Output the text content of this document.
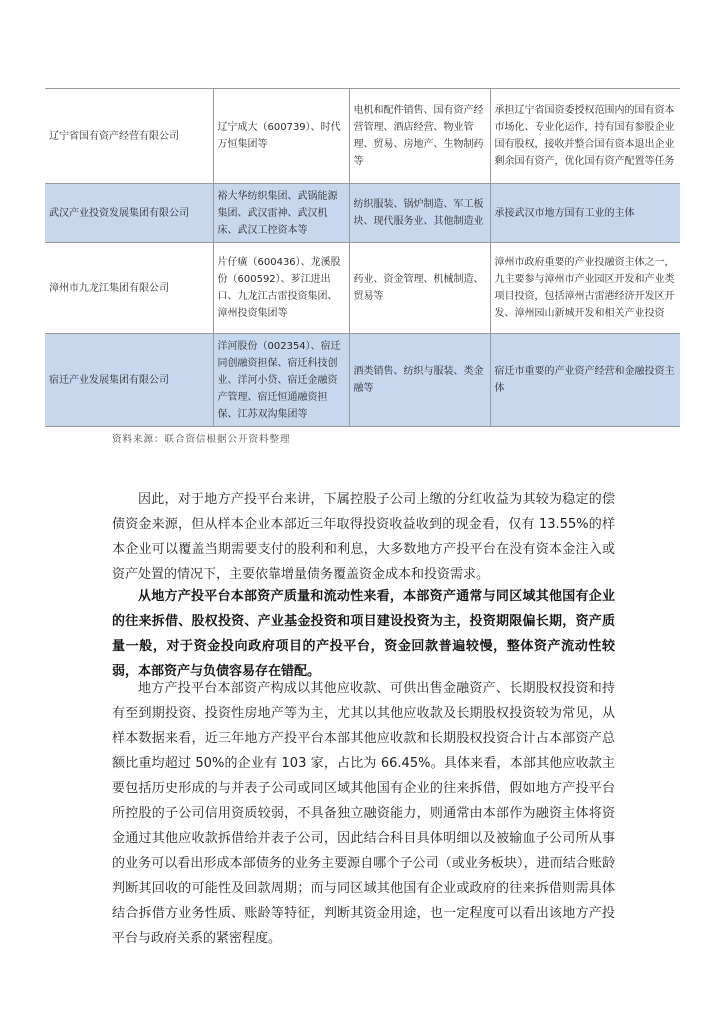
辽宁省国有资产经营有限公司	辽宁成大（600739）、时代万恒集团等	电机和配件销售、国有资产经营管理、酒店经营、物业管理、贸易、房地产、生物制药等	承担辽宁省国资委授权范围内的国有资本市场化、专业化运作，持有国有参股企业国有股权，接收并整合国有资本退出企业剩余国有资产，优化国有资产配置等任务
武汉产业投资发展集团有限公司	裕大华纺织集团、武锅能源集团、武汉雷神、武汉机床、武汉工控资本等	纺织服装、锅炉制造、军工板块、现代服务业、其他制造业	承接武汉市地方国有工业的主体
漳州市九龙江集团有限公司	片仔癀（600436）、龙溪股份（600592）、芗江进出口、九龙江古雷投资集团、漳州投资集团等	药业、资金管理、机械制造、贸易等	漳州市政府重要的产业投融资主体之一，九主要参与漳州市产业园区开发和产业类项目投资，包括漳州古雷港经济开发区开发、漳州园山新城开发和相关产业投资
宿迁产业发展集团有限公司	洋河股份（002354）、宿迁同创融资担保、宿迁科技创业、洋河小贷、宿迁金融资产管理、宿迁恒通融资担保、江苏双沟集团等	酒类销售、纺织与服装、类金融等	宿迁市重要的产业资产经营和金融投资主体
资料来源：联合资信根据公开资料整理

因此，对于地方产投平台来讲，下属控股子公司上缴的分红收益为其较为稳定的偿债资金来源，但从样本企业本部近三年取得投资收益收到的现金看，仅有 13.55%的样本企业可以覆盖当期需要支付的股利和利息，大多数地方产投平台在没有资本金注入或资产处置的情况下，主要依靠增量债务覆盖资金成本和投资需求。

从地方产投平台本部资产质量和流动性来看，本部资产通常与同区域其他国有企业的往来拆借、股权投资、产业基金投资和项目建设投资为主，投资期限偏长期，资产质量一般，对于资金投向政府项目的产投平台，资金回款普遍较慢，整体资产流动性较弱，本部资产与负债容易存在错配。

地方产投平台本部资产构成以其他应收款、可供出售金融资产、长期股权投资和持有至到期投资、投资性房地产等为主，尤其以其他应收款及长期股权投资较为常见，从样本数据来看，近三年地方产投平台本部其他应收款和长期股权投资合计占本部资产总额比重均超过 50%的企业有 103 家，占比为 66.45%。具体来看，本部其他应收款主要包括历史形成的与并表子公司或同区域其他国有企业的往来拆借，假如地方产投平台所控股的子公司信用资质较弱，不具备独立融资能力，则通常由本部作为融资主体将资金通过其他应收款拆借给并表子公司，因此结合科目具体明细以及被输血子公司所从事的业务可以看出形成本部债务的业务主要源自哪个子公司（或业务板块），进而结合账龄判断其回收的可能性及回款周期；而与同区域其他国有企业或政府的往来拆借则需具体结合拆借方业务性质、账龄等特征，判断其资金用途，也一定程度可以看出该地方产投平台与政府关系的紧密程度。
